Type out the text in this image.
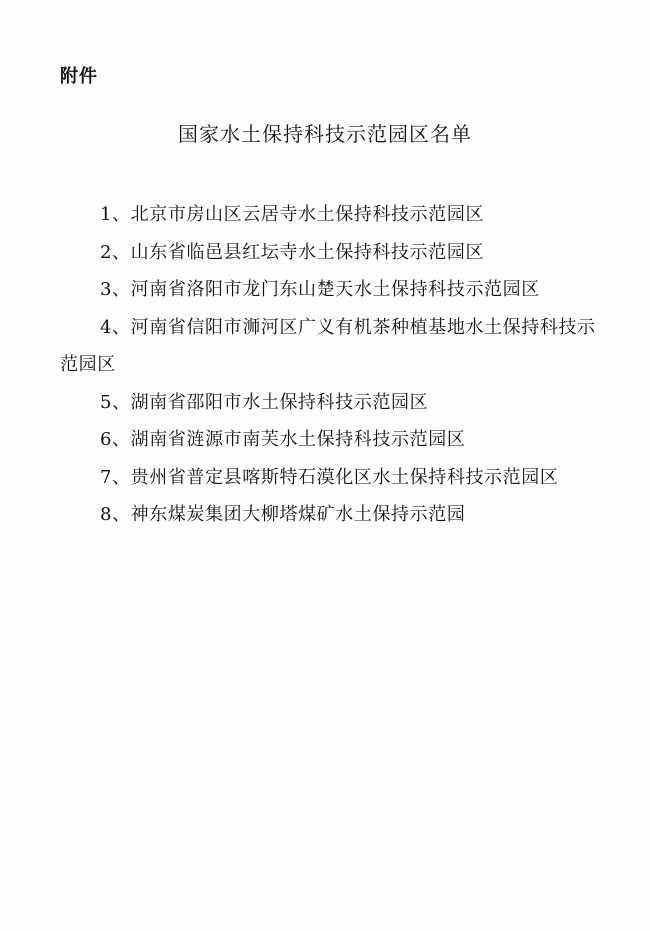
附件
国家水土保持科技示范园区名单
1、北京市房山区云居寺水土保持科技示范园区
2、山东省临邑县红坛寺水土保持科技示范园区
3、河南省洛阳市龙门东山楚天水土保持科技示范园区
4、河南省信阳市浉河区广义有机茶种植基地水土保持科技示范园区
5、湖南省邵阳市水土保持科技示范园区
6、湖南省涟源市南芙水土保持科技示范园区
7、贵州省普定县喀斯特石漠化区水土保持科技示范园区
8、神东煤炭集团大柳塔煤矿水土保持示范园
